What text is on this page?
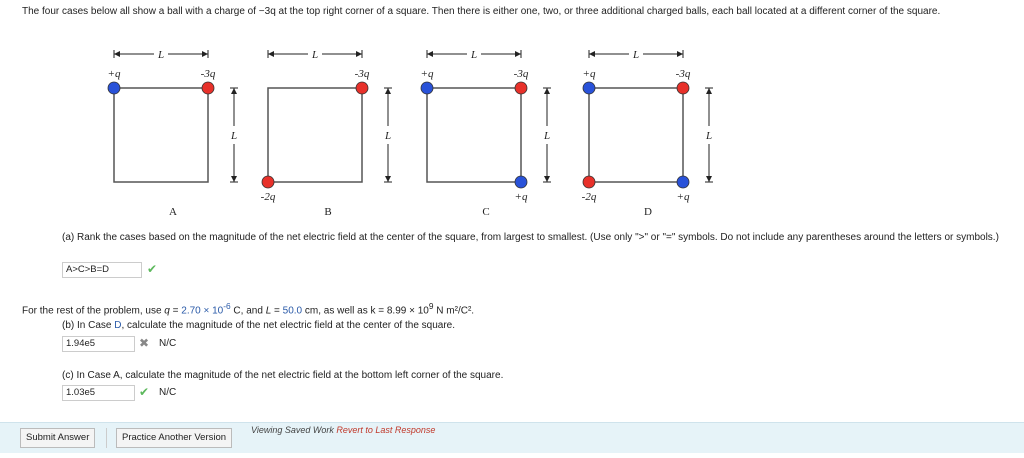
The four cases below all show a ball with a charge of −3q at the top right corner of a square. Then there is either one, two, or three additional charged balls, each ball located at a different corner of the square.
L
L
+q	-3q
A
L
L
-3q
-2q
B
L
L
+q	-3q
+q
C
L
L
+q	-3q
-2q	+q
D
(a) Rank the cases based on the magnitude of the net electric field at the center of the square, from largest to smallest. (Use only ">" or "=" symbols. Do not include any parentheses around the letters or symbols.)
A>C>B=D	✔
For the rest of the problem, use $q = 2.70 \times 10^{-6}$ C, and L = 50.0 cm, as well as $k = 8.99 \times 10^9$ N m²/C².
(b) In Case D, calculate the magnitude of the net electric field at the center of the square.
1.94e5	✖ N/C
(c) In Case A, calculate the magnitude of the net electric field at the bottom left corner of the square.
1.03e5	✔ N/C
Submit Answer	Practice Another Version
Viewing Saved Work Revert to Last Response
